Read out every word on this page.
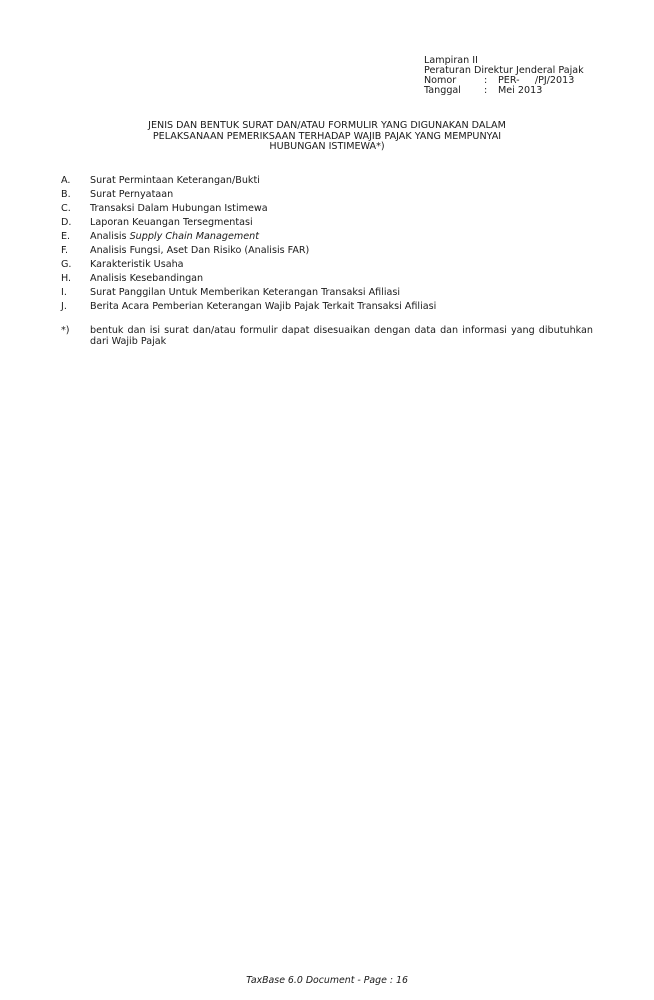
Lampiran II
Peraturan Direktur Jenderal Pajak
Nomor	:	PER-     /PJ/2013
Tanggal	:	Mei 2013
JENIS DAN BENTUK SURAT DAN/ATAU FORMULIR YANG DIGUNAKAN DALAM
PELAKSANAAN PEMERIKSAAN TERHADAP WAJIB PAJAK YANG MEMPUNYAI
HUBUNGAN ISTIMEWA*)
A.	Surat Permintaan Keterangan/Bukti
B.	Surat Pernyataan
C.	Transaksi Dalam Hubungan Istimewa
D.	Laporan Keuangan Tersegmentasi
E.	Analisis Supply Chain Management
F.	Analisis Fungsi, Aset Dan Risiko (Analisis FAR)
G.	Karakteristik Usaha
H.	Analisis Kesebandingan
I.	Surat Panggilan Untuk Memberikan Keterangan Transaksi Afiliasi
J.	Berita Acara Pemberian Keterangan Wajib Pajak Terkait Transaksi Afiliasi
*)	bentuk dan isi surat dan/atau formulir dapat disesuaikan dengan data dan informasi yang dibutuhkan dari Wajib Pajak
TaxBase 6.0 Document - Page : 16
